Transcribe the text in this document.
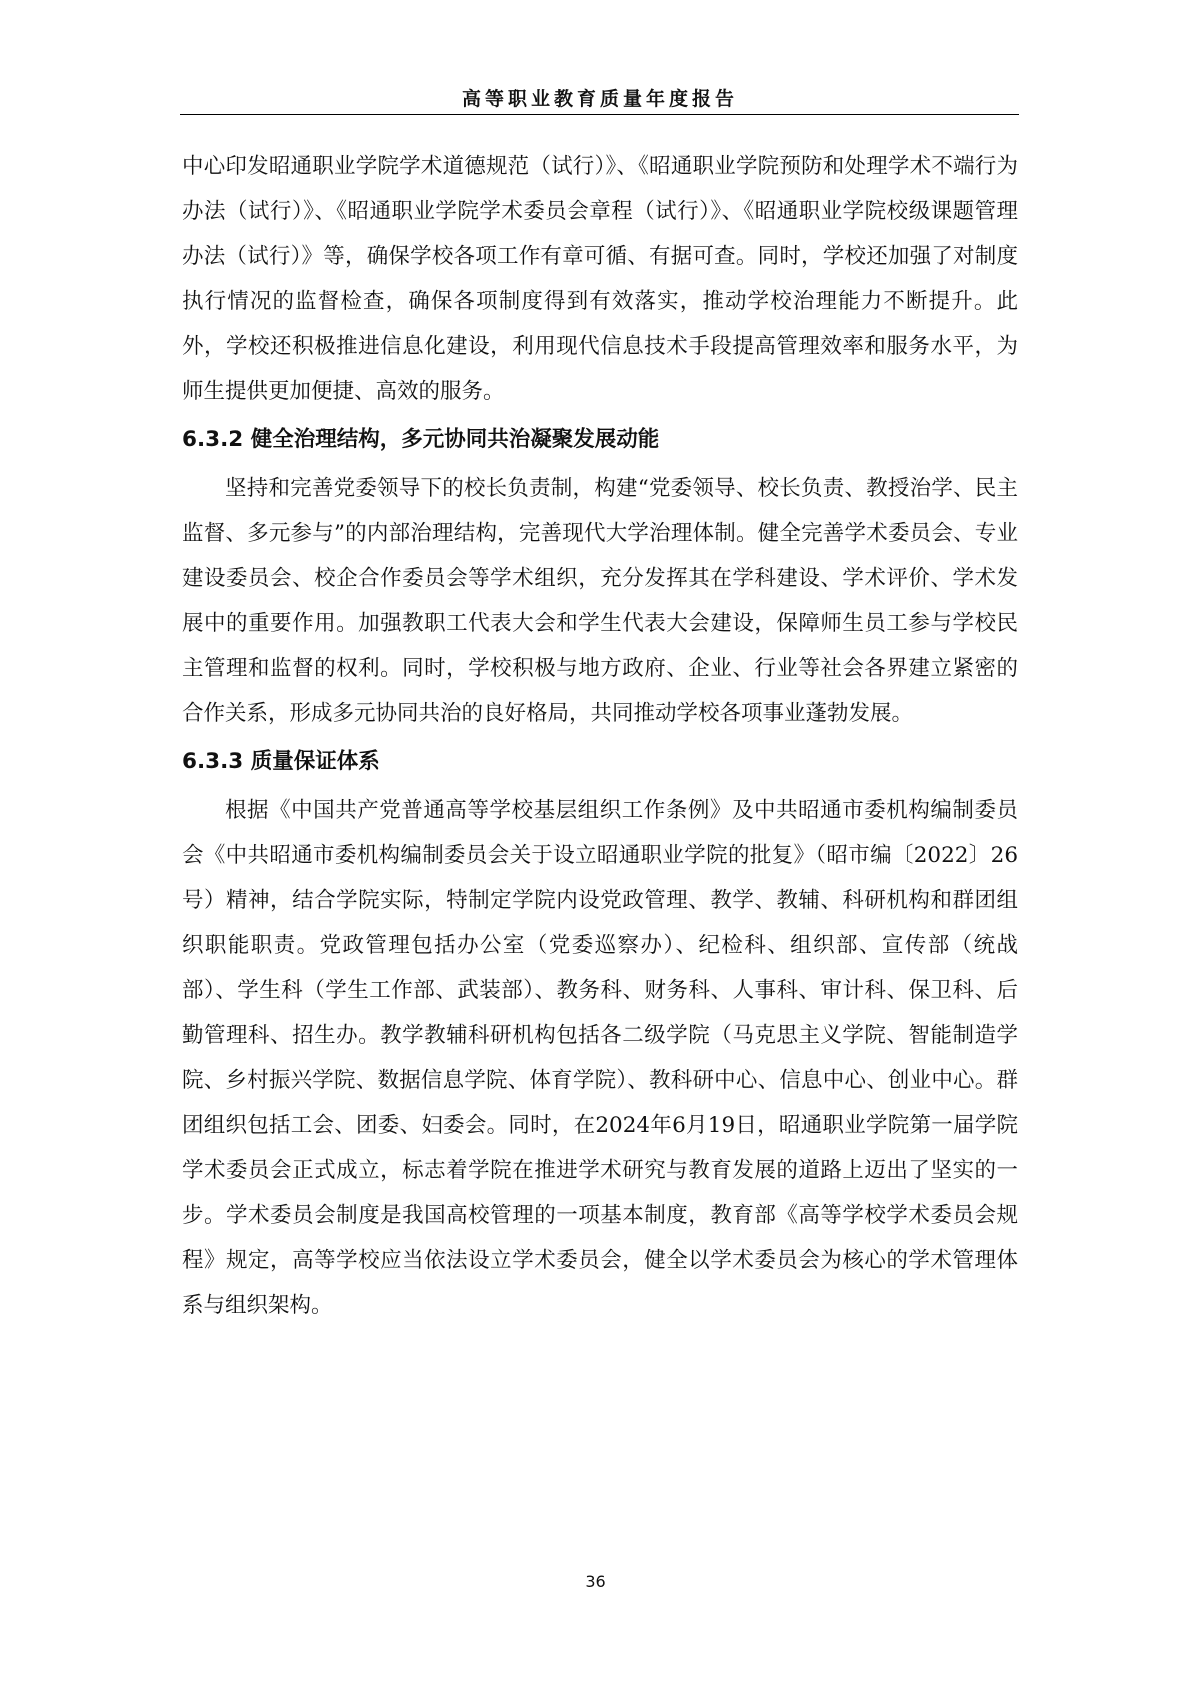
高等职业教育质量年度报告

中心印发昭通职业学院学术道德规范（试行）》、《昭通职业学院预防和处理学术不端行为办法（试行）》、《昭通职业学院学术委员会章程（试行）》、《昭通职业学院校级课题管理办法（试行）》等，确保学校各项工作有章可循、有据可查。同时，学校还加强了对制度执行情况的监督检查，确保各项制度得到有效落实，推动学校治理能力不断提升。此外，学校还积极推进信息化建设，利用现代信息技术手段提高管理效率和服务水平，为师生提供更加便捷、高效的服务。

6.3.2 健全治理结构，多元协同共治凝聚发展动能

坚持和完善党委领导下的校长负责制，构建“党委领导、校长负责、教授治学、民主监督、多元参与”的内部治理结构，完善现代大学治理体制。健全完善学术委员会、专业建设委员会、校企合作委员会等学术组织，充分发挥其在学科建设、学术评价、学术发展中的重要作用。加强教职工代表大会和学生代表大会建设，保障师生员工参与学校民主管理和监督的权利。同时，学校积极与地方政府、企业、行业等社会各界建立紧密的合作关系，形成多元协同共治的良好格局，共同推动学校各项事业蓬勃发展。

6.3.3 质量保证体系

根据《中国共产党普通高等学校基层组织工作条例》及中共昭通市委机构编制委员会《中共昭通市委机构编制委员会关于设立昭通职业学院的批复》（昭市编〔2022〕26号）精神，结合学院实际，特制定学院内设党政管理、教学、教辅、科研机构和群团组织职能职责。党政管理包括办公室（党委巡察办）、纪检科、组织部、宣传部（统战部）、学生科（学生工作部、武装部）、教务科、财务科、人事科、审计科、保卫科、后勤管理科、招生办。教学教辅科研机构包括各二级学院（马克思主义学院、智能制造学院、乡村振兴学院、数据信息学院、体育学院）、教科研中心、信息中心、创业中心。群团组织包括工会、团委、妇委会。同时，在2024年6月19日，昭通职业学院第一届学院学术委员会正式成立，标志着学院在推进学术研究与教育发展的道路上迈出了坚实的一步。学术委员会制度是我国高校管理的一项基本制度，教育部《高等学校学术委员会规程》规定，高等学校应当依法设立学术委员会，健全以学术委员会为核心的学术管理体系与组织架构。

36
